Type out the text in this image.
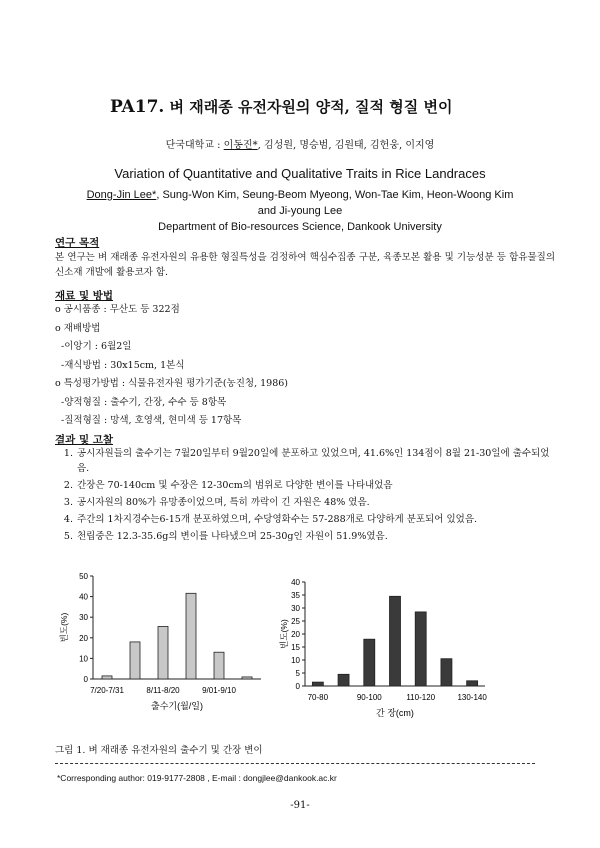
PA17. 벼 재래종 유전자원의 양적, 질적 형질 변이
단국대학교 : 이동진*, 김성원, 명승범, 김원태, 김헌웅, 이지영
Variation of Quantitative and Qualitative Traits in Rice Landraces
Dong-Jin Lee*, Sung-Won Kim, Seung-Beom Myeong, Won-Tae Kim, Heon-Woong Kim
and Ji-young Lee
Department of Bio-resources Science, Dankook University
연구 목적
본 연구는 벼 재래종 유전자원의 유용한 형질특성을 검정하여 핵심수집종 구분, 육종모본 활용 및 기능성분 등 함유물질의 신소재 개발에 활용코자 함.
재료 및 방법
o 공시품종 : 무산도 등 322점
o 재배방법
-이앙기 : 6월2일
-재식방법 : 30x15cm, 1본식
o 특성평가방법 : 식물유전자원 평가기준(농진청, 1986)
-양적형질 : 출수기, 간장, 수수 등 8항목
-질적형질 : 망색, 호영색, 현미색 등 17항목
결과 및 고찰
1. 공시자원들의 출수기는 7월20일부터 9월20일에 분포하고 있었으며, 41.6%인 134점이 8월 21-30일에 출수되었음.
2. 간장은 70-140cm 및 수장은 12-30cm의 범위로 다양한 변이를 나타내었음
3. 공시자원의 80%가 유망종이었으며, 특히 까락이 긴 자원은 48% 였음.
4. 주간의 1차지경수는6-15개 분포하였으며, 수당영화수는 57-288개로 다양하게 분포되어 있었음.
5. 천립중은 12.3-35.6g의 변이를 나타냈으며 25-30g인 자원이 51.9%였음.
0
10
20
30
40
50
7/20-7/31	8/11-8/20	9/01-9/10
빈도(%)
출수기(월/일)
0
5
10
15
20
25
30
35
40
70-80	90-100	110-120	130-140
빈도(%)
간 장(cm)
그림 1. 벼 재래종 유전자원의 출수기 및 간장 변이
*Corresponding author: 019-9177-2808 , E-mail : dongjlee@dankook.ac.kr
-91-
